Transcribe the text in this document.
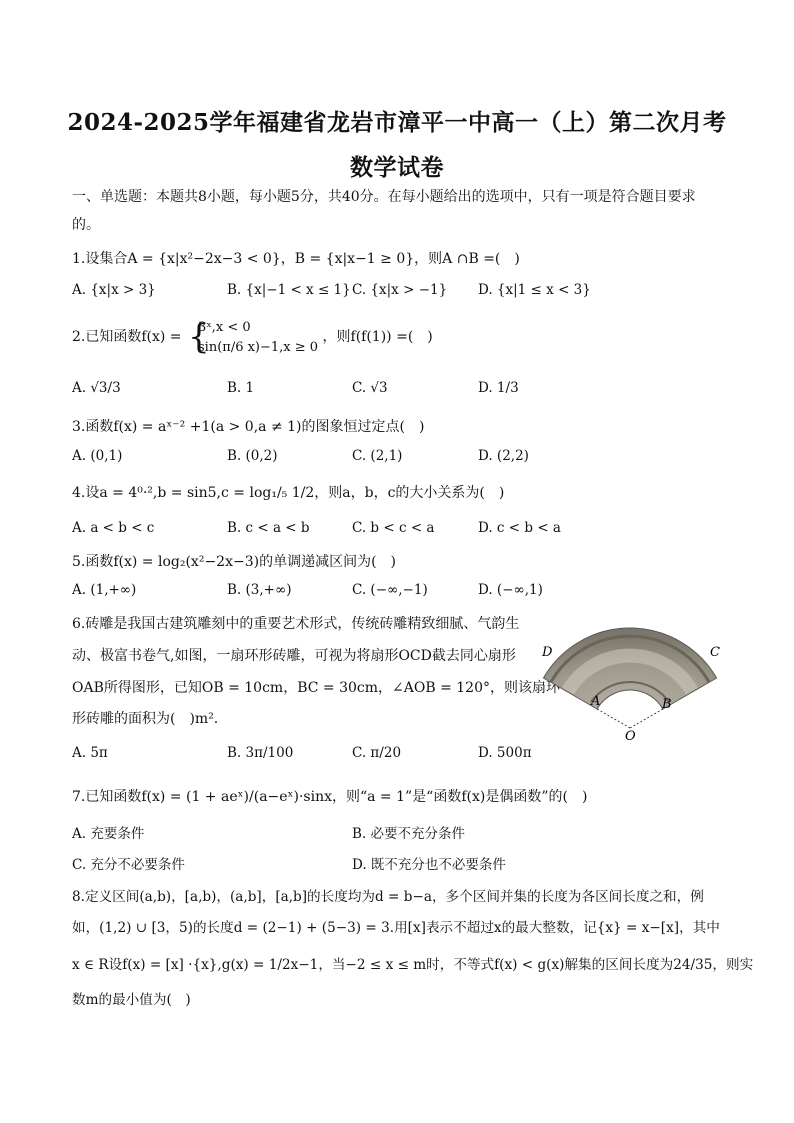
2024-2025学年福建省龙岩市漳平一中高一（上）第二次月考数学试卷
一、单选题：本题共8小题，每小题5分，共40分。在每小题给出的选项中，只有一项是符合题目要求的。
1.设集合A = {x|x²−2x−3 < 0}，B = {x|x−1 ≥ 0}，则A ∩B =(　)
A. {x|x > 3}	B. {x|−1 < x ≤ 1} C. {x|x > −1} D. {x|1 ≤ x < 3}
2.已知函数f(x) = {
3ˣ,x < 0
sin(π/6 x)−1,x ≥ 0
，则f(f(1)) =(　)
A. √3/3	B. 1	C. √3	D. 1/3
3.函数f(x) = aˣ⁻² +1(a > 0,a ≠ 1)的图象恒过定点(　)
A. (0,1)	B. (0,2)	C. (2,1)	D. (2,2)
4.设a = 4⁰·²,b = sin5,c = log₁/₅ 1/2，则a，b，c的大小关系为(　)
A. a < b < c	B. c < a < b	C. b < c < a	D. c < b < a
5.函数f(x) = log₂(x²−2x−3)的单调递减区间为(　)
A. (1,+∞)	B. (3,+∞)	C. (−∞,−1)	D. (−∞,1)
6.砖雕是我国古建筑雕刻中的重要艺术形式，传统砖雕精致细腻、气韵生
动、极富书卷气,如图，一扇环形砖雕，可视为将扇形OCD截去同心扇形
OAB所得图形，已知OB = 10cm，BC = 30cm，∠AOB = 120°，则该扇环
形砖雕的面积为(　)m².
A. 5π	B. 3π/100	C. π/20	D. 500π
D	C
A	B
O
7.已知函数f(x) = (1 + aeˣ)/(a−eˣ)·sinx，则“a = 1”是“函数f(x)是偶函数”的(　)
A. 充要条件	B. 必要不充分条件
C. 充分不必要条件	D. 既不充分也不必要条件
8.定义区间(a,b)，[a,b)，(a,b]，[a,b]的长度均为d = b−a，多个区间并集的长度为各区间长度之和，例
如，(1,2) ∪ [3，5)的长度d = (2−1) + (5−3) = 3.用[x]表示不超过x的最大整数，记{x} = x−[x]，其中
x ∈ R设f(x) = [x] ·{x},g(x) = 1/2x−1，当−2 ≤ x ≤ m时，不等式f(x) < g(x)解集的区间长度为24/35，则实
数m的最小值为(　)
